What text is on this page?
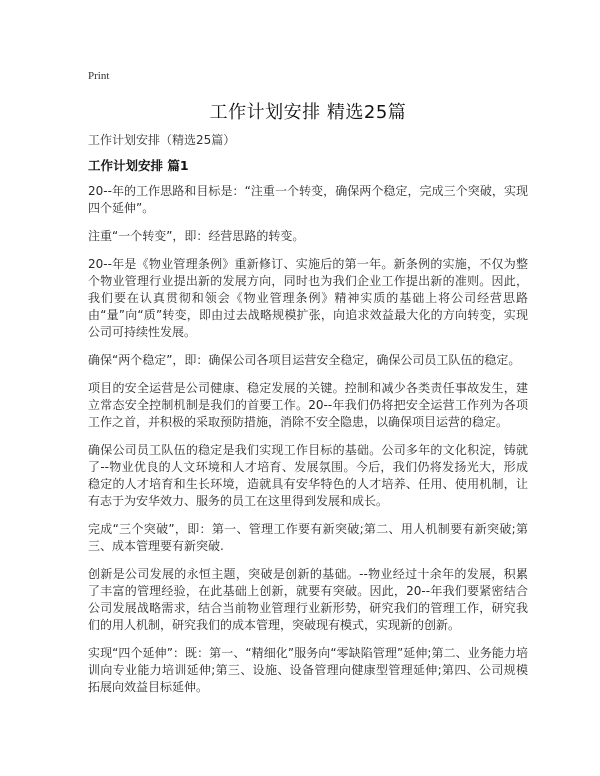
Print
工作计划安排 精选25篇
工作计划安排（精选25篇）
工作计划安排 篇1

20--年的工作思路和目标是：“注重一个转变，确保两个稳定，完成三个突破，实现四个延伸”。

注重“一个转变”，即：经营思路的转变。

20--年是《物业管理条例》重新修订、实施后的第一年。新条例的实施，不仅为整个物业管理行业提出新的发展方向，同时也为我们企业工作提出新的准则。因此，我们要在认真贯彻和领会《物业管理条例》精神实质的基础上将公司经营思路由“量”向“质”转变，即由过去战略规模扩张，向追求效益最大化的方向转变，实现公司可持续性发展。

确保“两个稳定”，即：确保公司各项目运营安全稳定，确保公司员工队伍的稳定。

项目的安全运营是公司健康、稳定发展的关键。控制和减少各类责任事故发生，建立常态安全控制机制是我们的首要工作。20--年我们仍将把安全运营工作列为各项工作之首，并积极的采取预防措施，消除不安全隐患，以确保项目运营的稳定。

确保公司员工队伍的稳定是我们实现工作目标的基础。公司多年的文化积淀，铸就了--物业优良的人文环境和人才培育、发展氛围。今后，我们仍将发扬光大，形成稳定的人才培育和生长环境，造就具有安华特色的人才培养、任用、使用机制，让有志于为安华效力、服务的员工在这里得到发展和成长。

完成“三个突破”，即：第一、管理工作要有新突破;第二、用人机制要有新突破;第三、成本管理要有新突破.

创新是公司发展的永恒主题，突破是创新的基础。--物业经过十余年的发展，积累了丰富的管理经验，在此基础上创新，就要有突破。因此，20--年我们要紧密结合公司发展战略需求，结合当前物业管理行业新形势，研究我们的管理工作，研究我们的用人机制，研究我们的成本管理，突破现有模式，实现新的创新。

实现“四个延伸”：既：第一、“精细化”服务向“零缺陷管理”延伸;第二、业务能力培训向专业能力培训延伸;第三、设施、设备管理向健康型管理延伸;第四、公司规模拓展向效益目标延伸。
